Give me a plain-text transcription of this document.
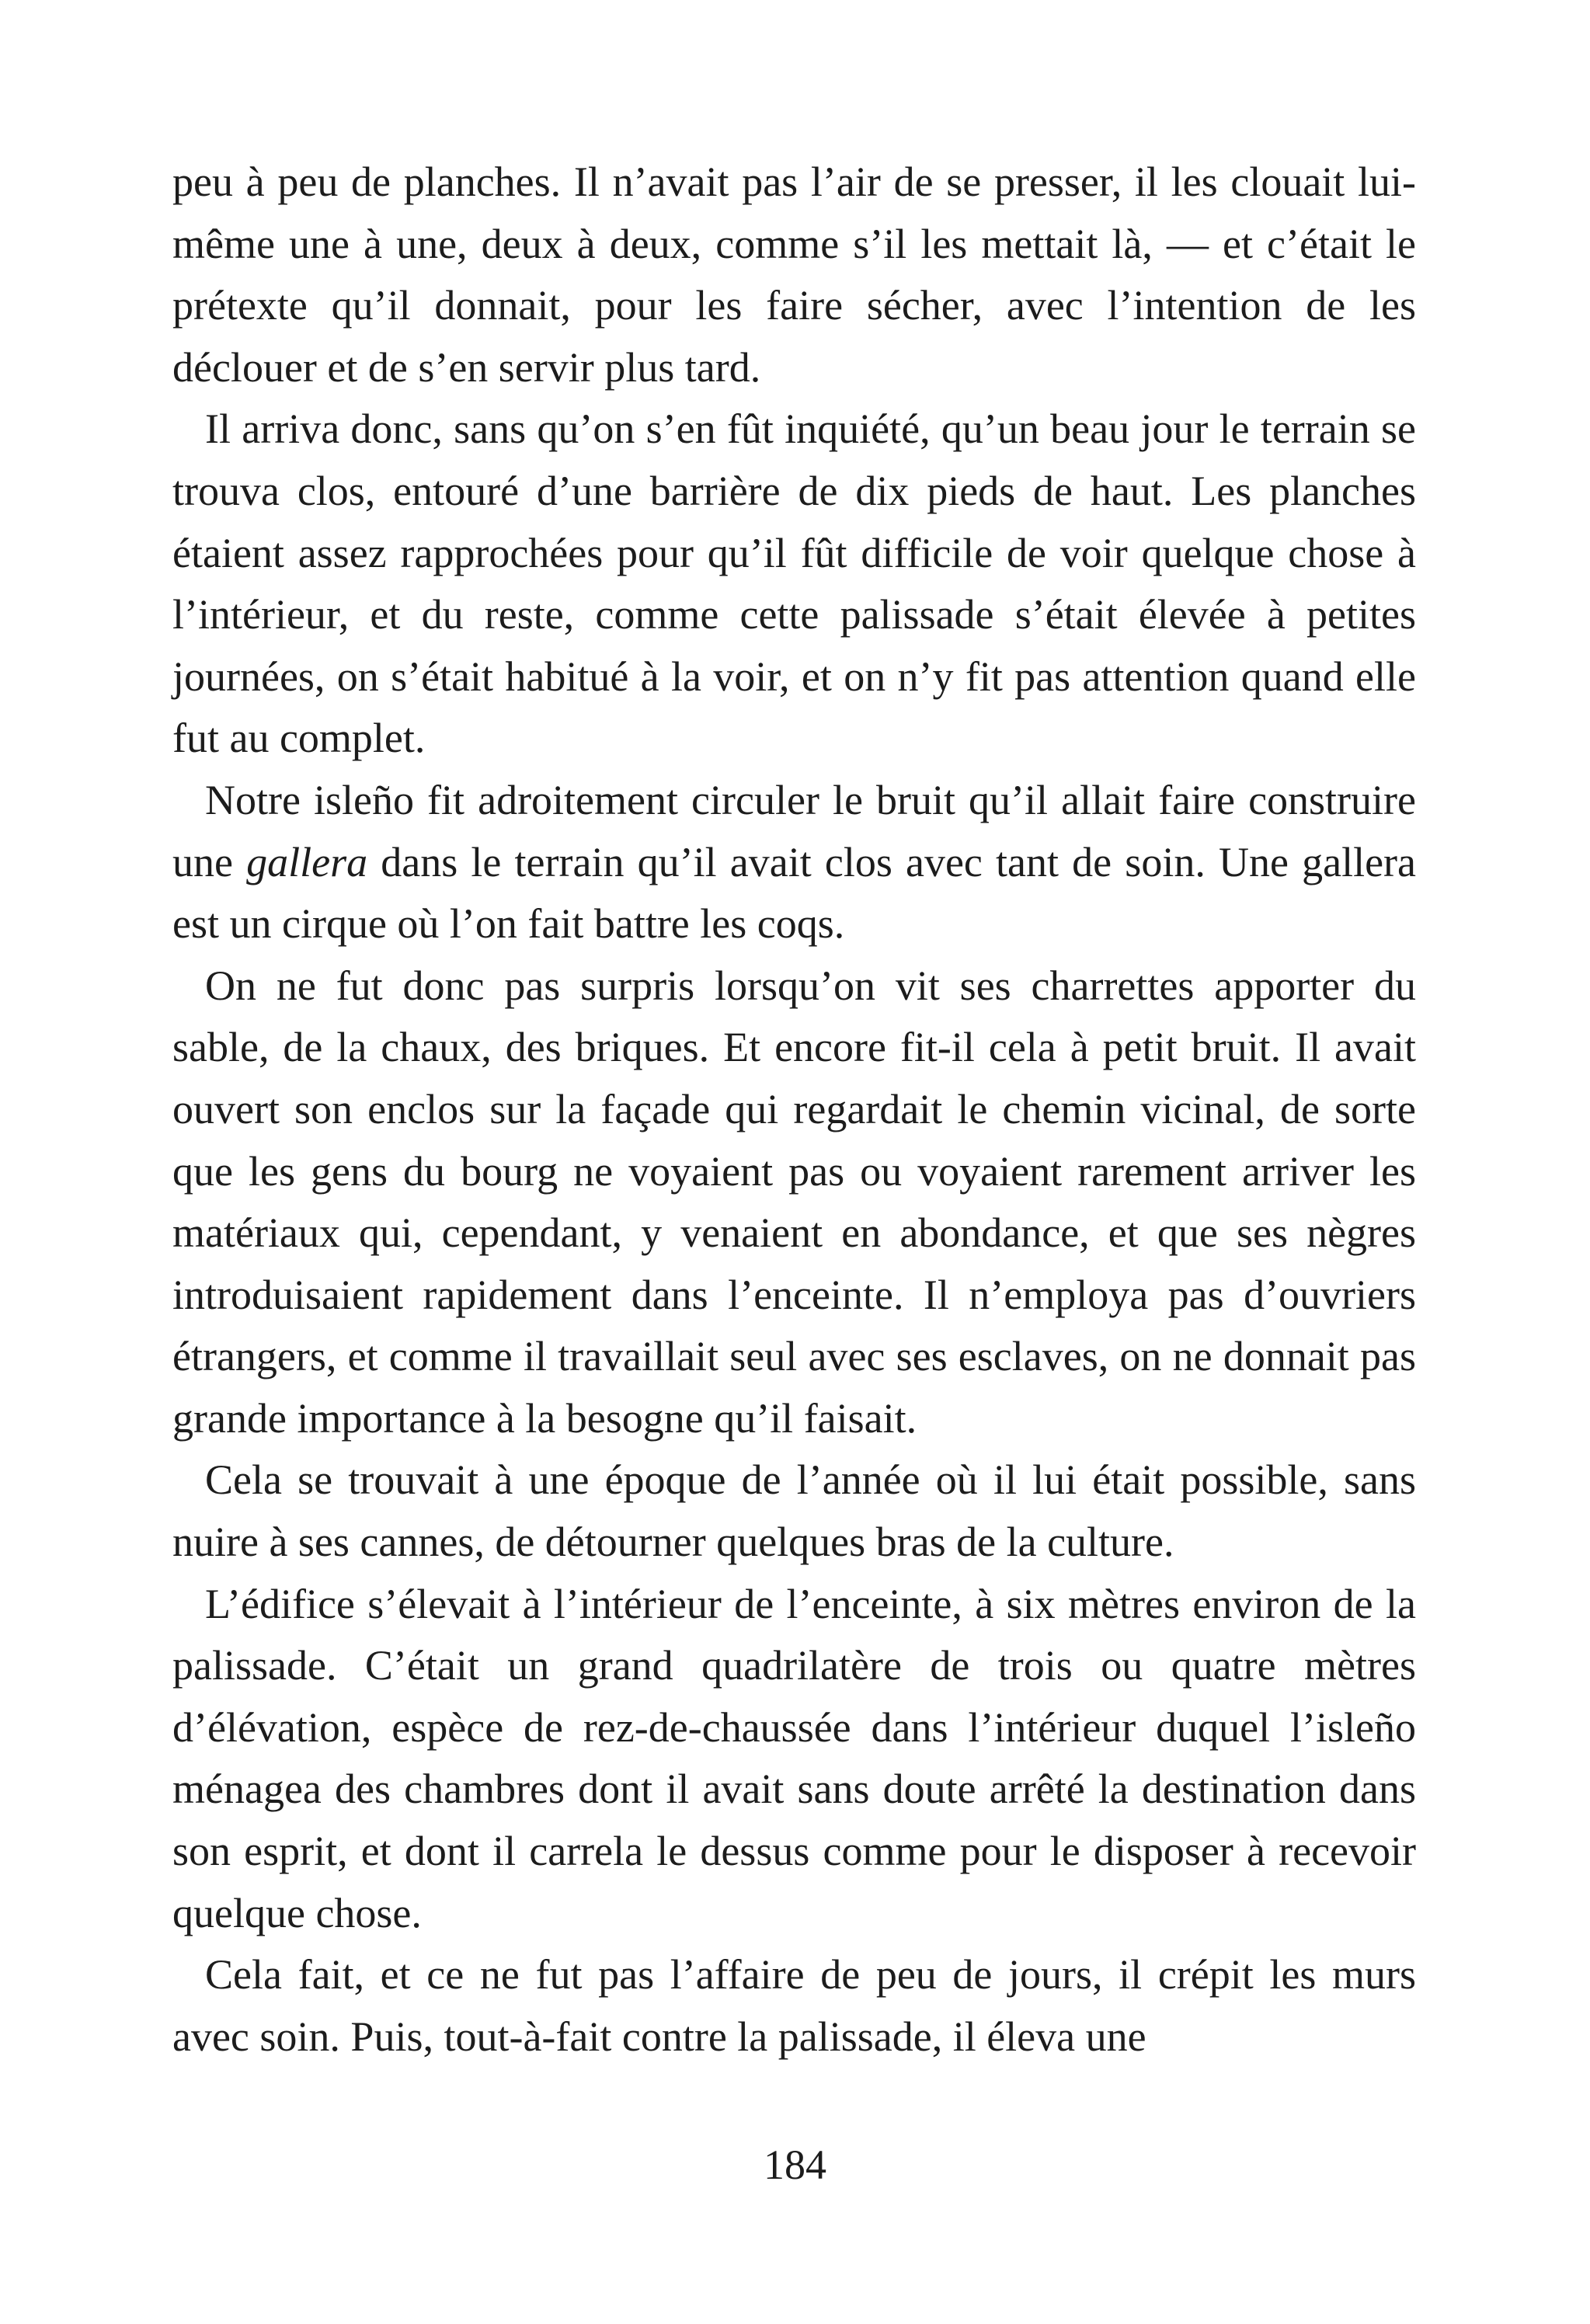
peu à peu de planches. Il n’avait pas l’air de se presser, il les clouait lui-même une à une, deux à deux, comme s’il les mettait là, — et c’était le prétexte qu’il donnait, pour les faire sécher, avec l’intention de les déclouer et de s’en servir plus tard.

Il arriva donc, sans qu’on s’en fût inquiété, qu’un beau jour le terrain se trouva clos, entouré d’une barrière de dix pieds de haut. Les planches étaient assez rapprochées pour qu’il fût difficile de voir quelque chose à l’intérieur, et du reste, comme cette palissade s’était élevée à petites journées, on s’était habitué à la voir, et on n’y fit pas attention quand elle fut au complet.

Notre isleño fit adroitement circuler le bruit qu’il allait faire construire une gallera dans le terrain qu’il avait clos avec tant de soin. Une gallera est un cirque où l’on fait battre les coqs.

On ne fut donc pas surpris lorsqu’on vit ses charrettes apporter du sable, de la chaux, des briques. Et encore fit-il cela à petit bruit. Il avait ouvert son enclos sur la façade qui regardait le chemin vicinal, de sorte que les gens du bourg ne voyaient pas ou voyaient rarement arriver les matériaux qui, cependant, y venaient en abondance, et que ses nègres introduisaient rapidement dans l’enceinte. Il n’employa pas d’ouvriers étrangers, et comme il travaillait seul avec ses esclaves, on ne donnait pas grande importance à la besogne qu’il faisait.

Cela se trouvait à une époque de l’année où il lui était possible, sans nuire à ses cannes, de détourner quelques bras de la culture.

L’édifice s’élevait à l’intérieur de l’enceinte, à six mètres environ de la palissade. C’était un grand quadrilatère de trois ou quatre mètres d’élévation, espèce de rez-de-chaussée dans l’intérieur duquel l’isleño ménagea des chambres dont il avait sans doute arrêté la destination dans son esprit, et dont il carrela le dessus comme pour le disposer à recevoir quelque chose.

Cela fait, et ce ne fut pas l’affaire de peu de jours, il crépit les murs avec soin. Puis, tout-à-fait contre la palissade, il éleva une

184
